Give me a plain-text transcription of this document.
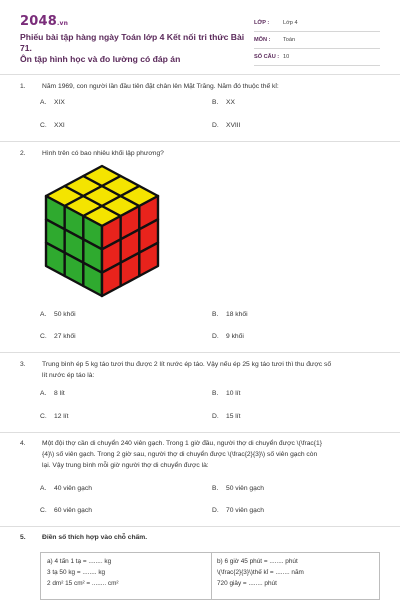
2048.vn
Phiếu bài tập hàng ngày Toán lớp 4 Kết nối tri thức Bài 71.
Ôn tập hình học và đo lường có đáp án
LỚP :	Lớp 4
MÔN :	Toán
SỐ CÂU : 10
1. Năm 1969, con người lần đầu tiên đặt chân lên Mặt Trăng. Năm đó thuộc thế kỉ:
A. XIX	B. XX
C. XXI	D. XVIII
2. Hình trên có bao nhiêu khối lập phương?
A. 50 khối	B. 18 khối
C. 27 khối	D. 9 khối
3. Trung bình ép 5 kg táo tươi thu được 2 lít nước ép táo. Vậy nếu ép 25 kg táo tươi thì thu được số
lít nước ép táo là:
A. 8 lít	B. 10 lít
C. 12 lít	D. 15 lít
4. Một đội thợ cần di chuyển 240 viên gạch. Trong 1 giờ đầu, người thợ di chuyển được \(\frac{1}
{4}\) số viên gạch. Trong 2 giờ sau, người thợ di chuyển được \(\frac{2}{3}\) số viên gạch còn
lại. Vậy trung bình mỗi giờ người thợ di chuyển được là:
A. 40 viên gạch	B. 50 viên gạch
C. 60 viên gạch	D. 70 viên gạch
5. Điền số thích hợp vào chỗ chấm.
a) 4 tấn 1 tạ = ........ kg
3 tạ 50 kg = ........ kg
2 dm² 15 cm² = ........ cm²
b) 6 giờ 45 phút = ........ phút
\(\frac{2}{3}\)thế kỉ = ........ năm
720 giây = ........ phút
